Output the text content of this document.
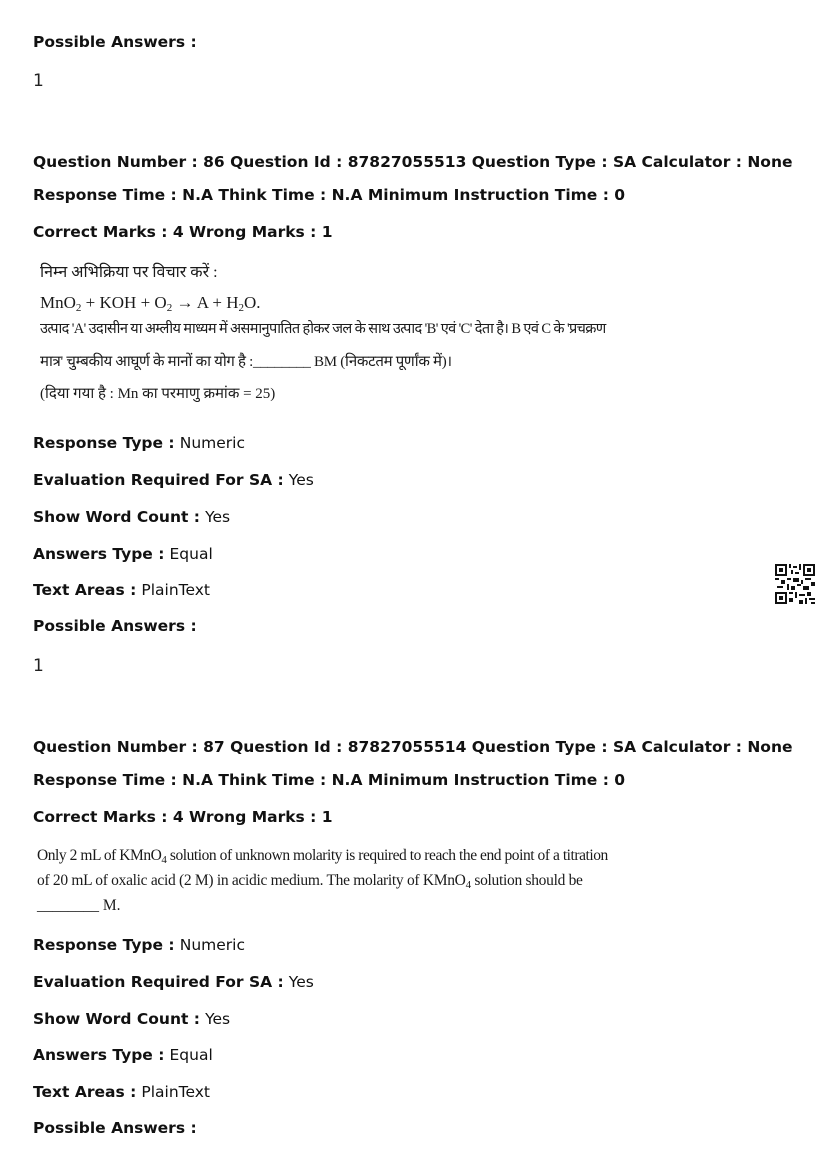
Possible Answers :
1
Question Number : 86 Question Id : 87827055513 Question Type : SA Calculator : None
Response Time : N.A Think Time : N.A Minimum Instruction Time : 0
Correct Marks : 4 Wrong Marks : 1
निम्न अभिक्रिया पर विचार करें :
MnO$_2$ + KOH + $O_2 \to A + H_2O$.
उत्पाद 'A' उदासीन या अम्लीय माध्यम में असमानुपातित होकर जल के साथ उत्पाद 'B' एवं 'C' देता है। B एवं C के 'प्रचक्रण
मात्र' चुम्बकीय आघूर्ण के मानों का योग है :________ BM (निकटतम पूर्णांक में)।
(दिया गया है : Mn का परमाणु क्रमांक = 25)
Response Type : Numeric
Evaluation Required For SA : Yes
Show Word Count : Yes
Answers Type : Equal
Text Areas : PlainText
Possible Answers :
1
Question Number : 87 Question Id : 87827055514 Question Type : SA Calculator : None
Response Time : N.A Think Time : N.A Minimum Instruction Time : 0
Correct Marks : 4 Wrong Marks : 1
Only 2 mL of KMnO$_4$ solution of unknown molarity is required to reach the end point of a titration
of 20 mL of oxalic acid (2 M) in acidic medium. The molarity of KMnO$_4$ solution should be
________ M.
Response Type : Numeric
Evaluation Required For SA : Yes
Show Word Count : Yes
Answers Type : Equal
Text Areas : PlainText
Possible Answers :
